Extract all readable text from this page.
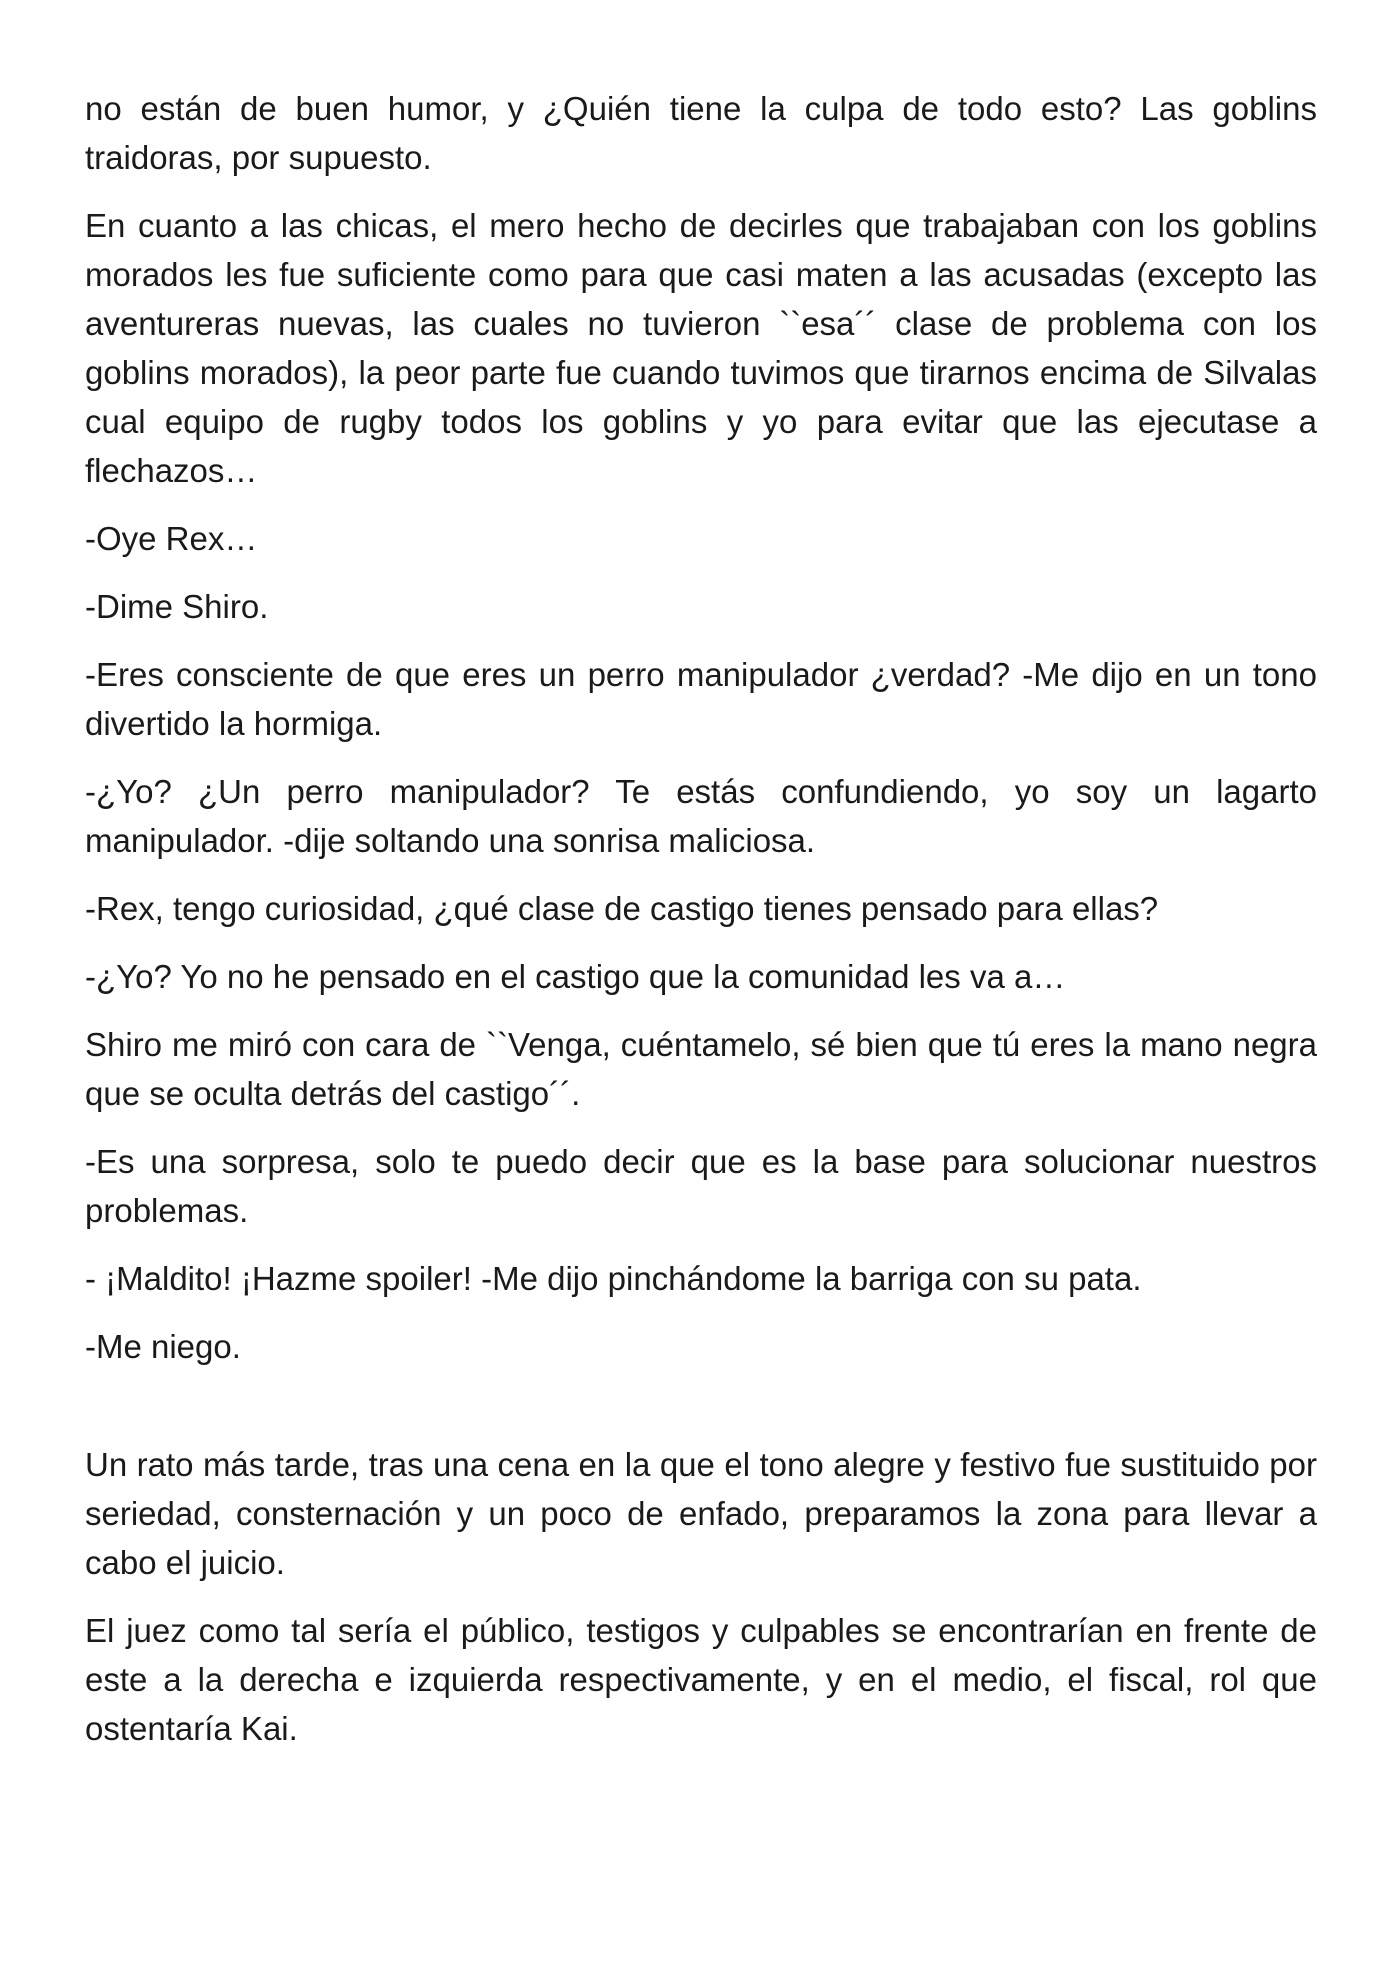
no están de buen humor, y ¿Quién tiene la culpa de todo esto? Las goblins traidoras, por supuesto.

En cuanto a las chicas, el mero hecho de decirles que trabajaban con los goblins morados les fue suficiente como para que casi maten a las acusadas (excepto las aventureras nuevas, las cuales no tuvieron ``esa´´ clase de problema con los goblins morados), la peor parte fue cuando tuvimos que tirarnos encima de Silvalas cual equipo de rugby todos los goblins y yo para evitar que las ejecutase a flechazos…

-Oye Rex…

-Dime Shiro.

-Eres consciente de que eres un perro manipulador ¿verdad? -Me dijo en un tono divertido la hormiga.

-¿Yo? ¿Un perro manipulador? Te estás confundiendo, yo soy un lagarto manipulador. -dije soltando una sonrisa maliciosa.

-Rex, tengo curiosidad, ¿qué clase de castigo tienes pensado para ellas?

-¿Yo? Yo no he pensado en el castigo que la comunidad les va a…

Shiro me miró con cara de ``Venga, cuéntamelo, sé bien que tú eres la mano negra que se oculta detrás del castigo´´.

-Es una sorpresa, solo te puedo decir que es la base para solucionar nuestros problemas.

- ¡Maldito! ¡Hazme spoiler! -Me dijo pinchándome la barriga con su pata.

-Me niego.

Un rato más tarde, tras una cena en la que el tono alegre y festivo fue sustituido por seriedad, consternación y un poco de enfado, preparamos la zona para llevar a cabo el juicio.

El juez como tal sería el público, testigos y culpables se encontrarían en frente de este a la derecha e izquierda respectivamente, y en el medio, el fiscal, rol que ostentaría Kai.
